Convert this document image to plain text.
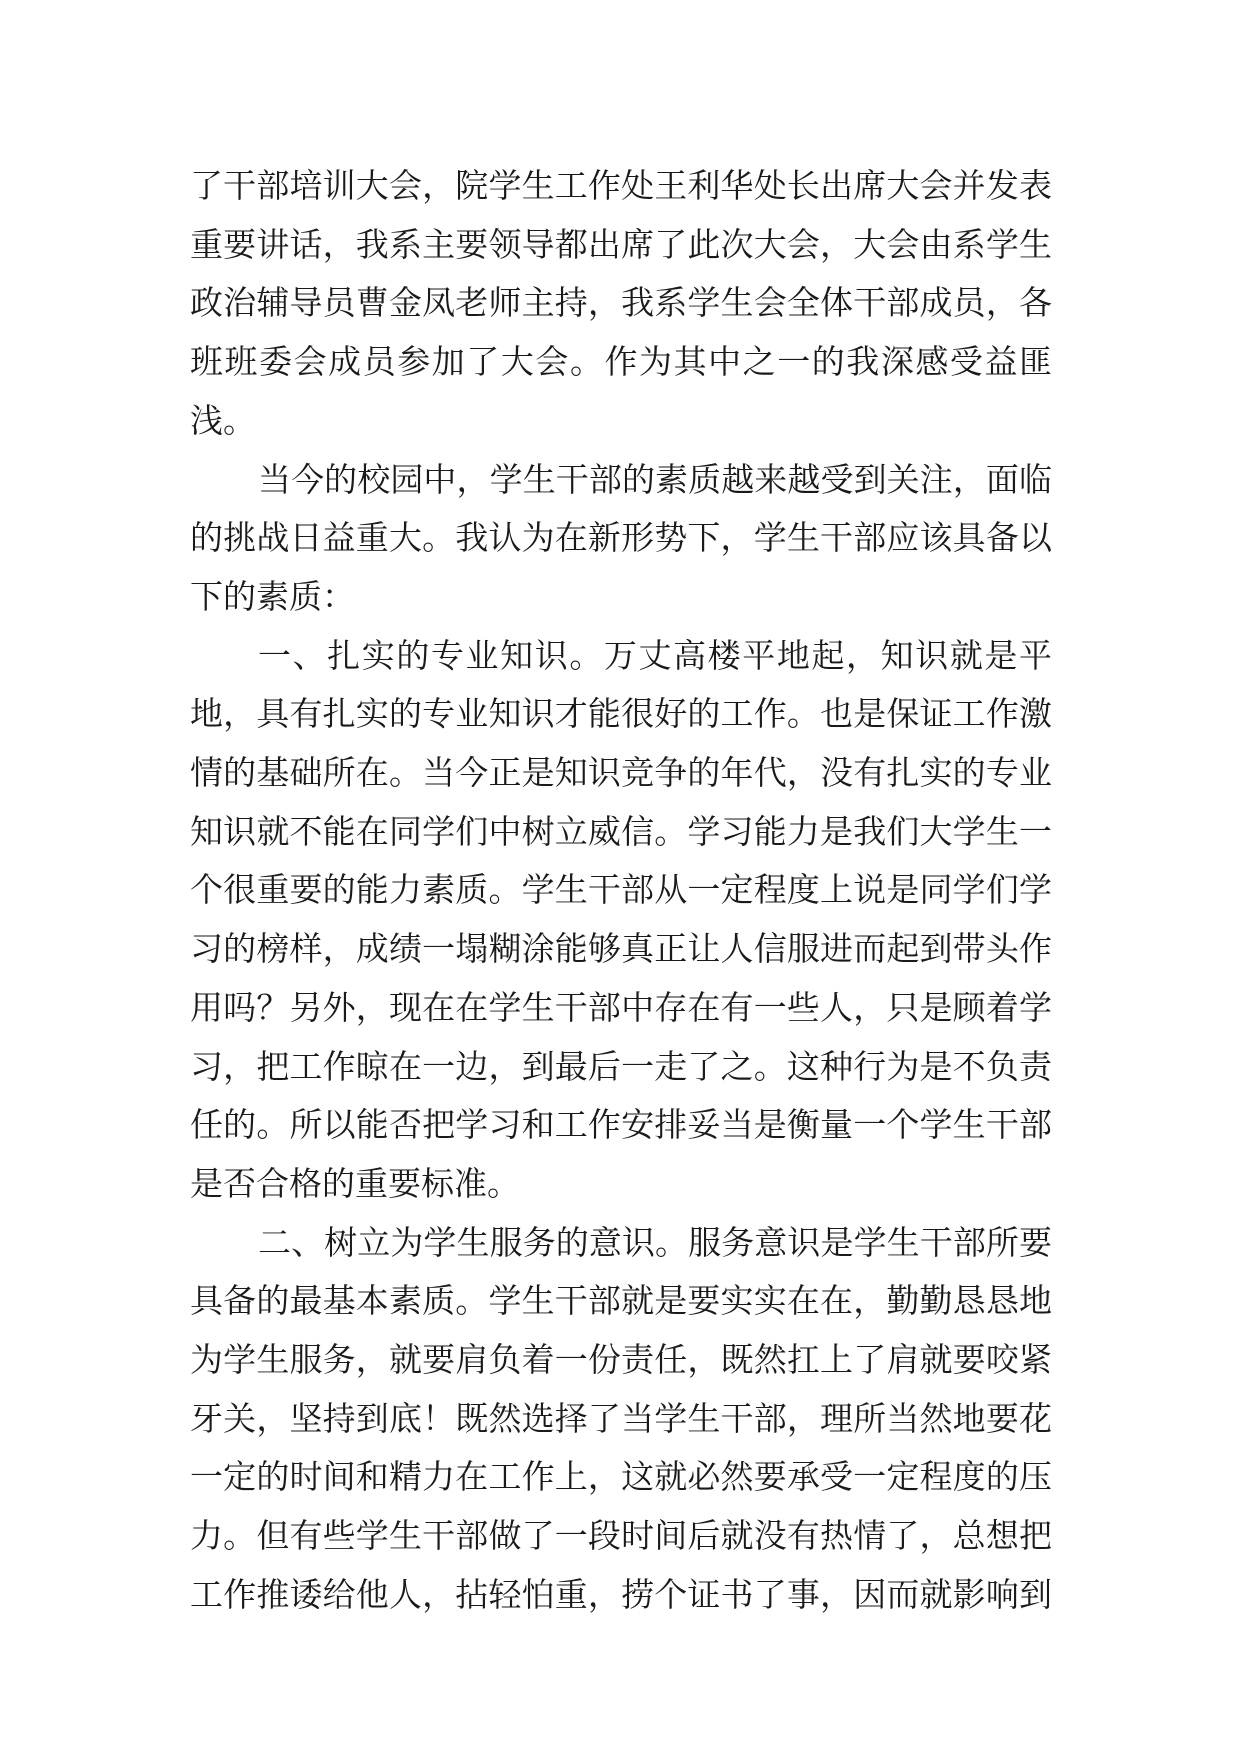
了干部培训大会，院学生工作处王利华处长出席大会并发表重要讲话，我系主要领导都出席了此次大会，大会由系学生政治辅导员曹金凤老师主持，我系学生会全体干部成员，各班班委会成员参加了大会。作为其中之一的我深感受益匪浅。

当今的校园中，学生干部的素质越来越受到关注，面临的挑战日益重大。我认为在新形势下，学生干部应该具备以下的素质：

一、扎实的专业知识。万丈高楼平地起，知识就是平地，具有扎实的专业知识才能很好的工作。也是保证工作激情的基础所在。当今正是知识竞争的年代，没有扎实的专业知识就不能在同学们中树立威信。学习能力是我们大学生一个很重要的能力素质。学生干部从一定程度上说是同学们学习的榜样，成绩一塌糊涂能够真正让人信服进而起到带头作用吗？另外，现在在学生干部中存在有一些人，只是顾着学习，把工作晾在一边，到最后一走了之。这种行为是不负责任的。所以能否把学习和工作安排妥当是衡量一个学生干部是否合格的重要标准。

二、树立为学生服务的意识。服务意识是学生干部所要具备的最基本素质。学生干部就是要实实在在，勤勤恳恳地为学生服务，就要肩负着一份责任，既然扛上了肩就要咬紧牙关，坚持到底！既然选择了当学生干部，理所当然地要花一定的时间和精力在工作上，这就必然要承受一定程度的压力。但有些学生干部做了一段时间后就没有热情了，总想把工作推诿给他人，拈轻怕重，捞个证书了事，因而就影响到
